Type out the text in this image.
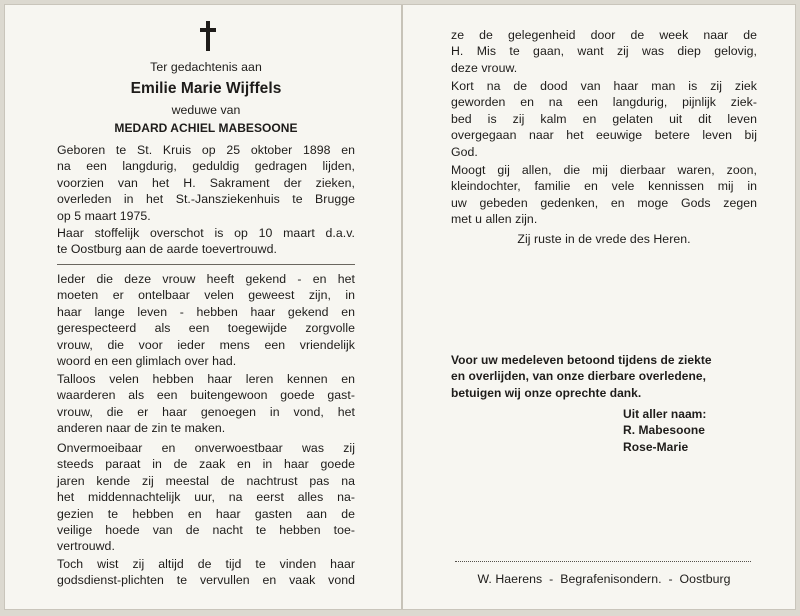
Ter gedachtenis aan
Emilie Marie Wijffels
weduwe van
MEDARD ACHIEL MABESOONE

Geboren te St. Kruis op 25 oktober 1898 en

na een langdurig, geduldig gedragen lijden,

voorzien van het H. Sakrament der zieken,

overleden in het St.-Jansziekenhuis te Brugge

op 5 maart 1975.

Haar stoffelijk overschot is op 10 maart d.a.v.

te Oostburg aan de aarde toevertrouwd.

Ieder die deze vrouw heeft gekend - en het

moeten er ontelbaar velen geweest zijn, in

haar lange leven - hebben haar gekend en

gerespecteerd als een toegewijde zorgvolle

vrouw, die voor ieder mens een vriendelijk

woord en een glimlach over had.

Talloos velen hebben haar leren kennen en

waarderen als een buitengewoon goede gast-

vrouw, die er haar genoegen in vond, het

anderen naar de zin te maken.

Onvermoeibaar en onverwoestbaar was zij

steeds paraat in de zaak en in haar goede

jaren kende zij meestal de nachtrust pas na

het middennachtelijk uur, na eerst alles na-

gezien te hebben en haar gasten aan de

veilige hoede van de nacht te hebben toe-

vertrouwd.

Toch wist zij altijd de tijd te vinden haar

godsdienst-plichten te vervullen en vaak vond

ze de gelegenheid door de week naar de

H. Mis te gaan, want zij was diep gelovig,

deze vrouw.

Kort na de dood van haar man is zij ziek

geworden en na een langdurig, pijnlijk ziek-

bed is zij kalm en gelaten uit dit leven

overgegaan naar het eeuwige betere leven bij

God.

Moogt gij allen, die mij dierbaar waren, zoon,

kleindochter, familie en vele kennissen mij in

uw gebeden gedenken, en moge Gods zegen

met u allen zijn.

Zij ruste in de vrede des Heren.

Voor uw medeleven betoond tijdens de ziekte

en overlijden, van onze dierbare overledene,

betuigen wij onze oprechte dank.

Uit aller naam:

R. Mabesoone

Rose-Marie

W. Haerens  -  Begrafenisondern.  -  Oostburg
